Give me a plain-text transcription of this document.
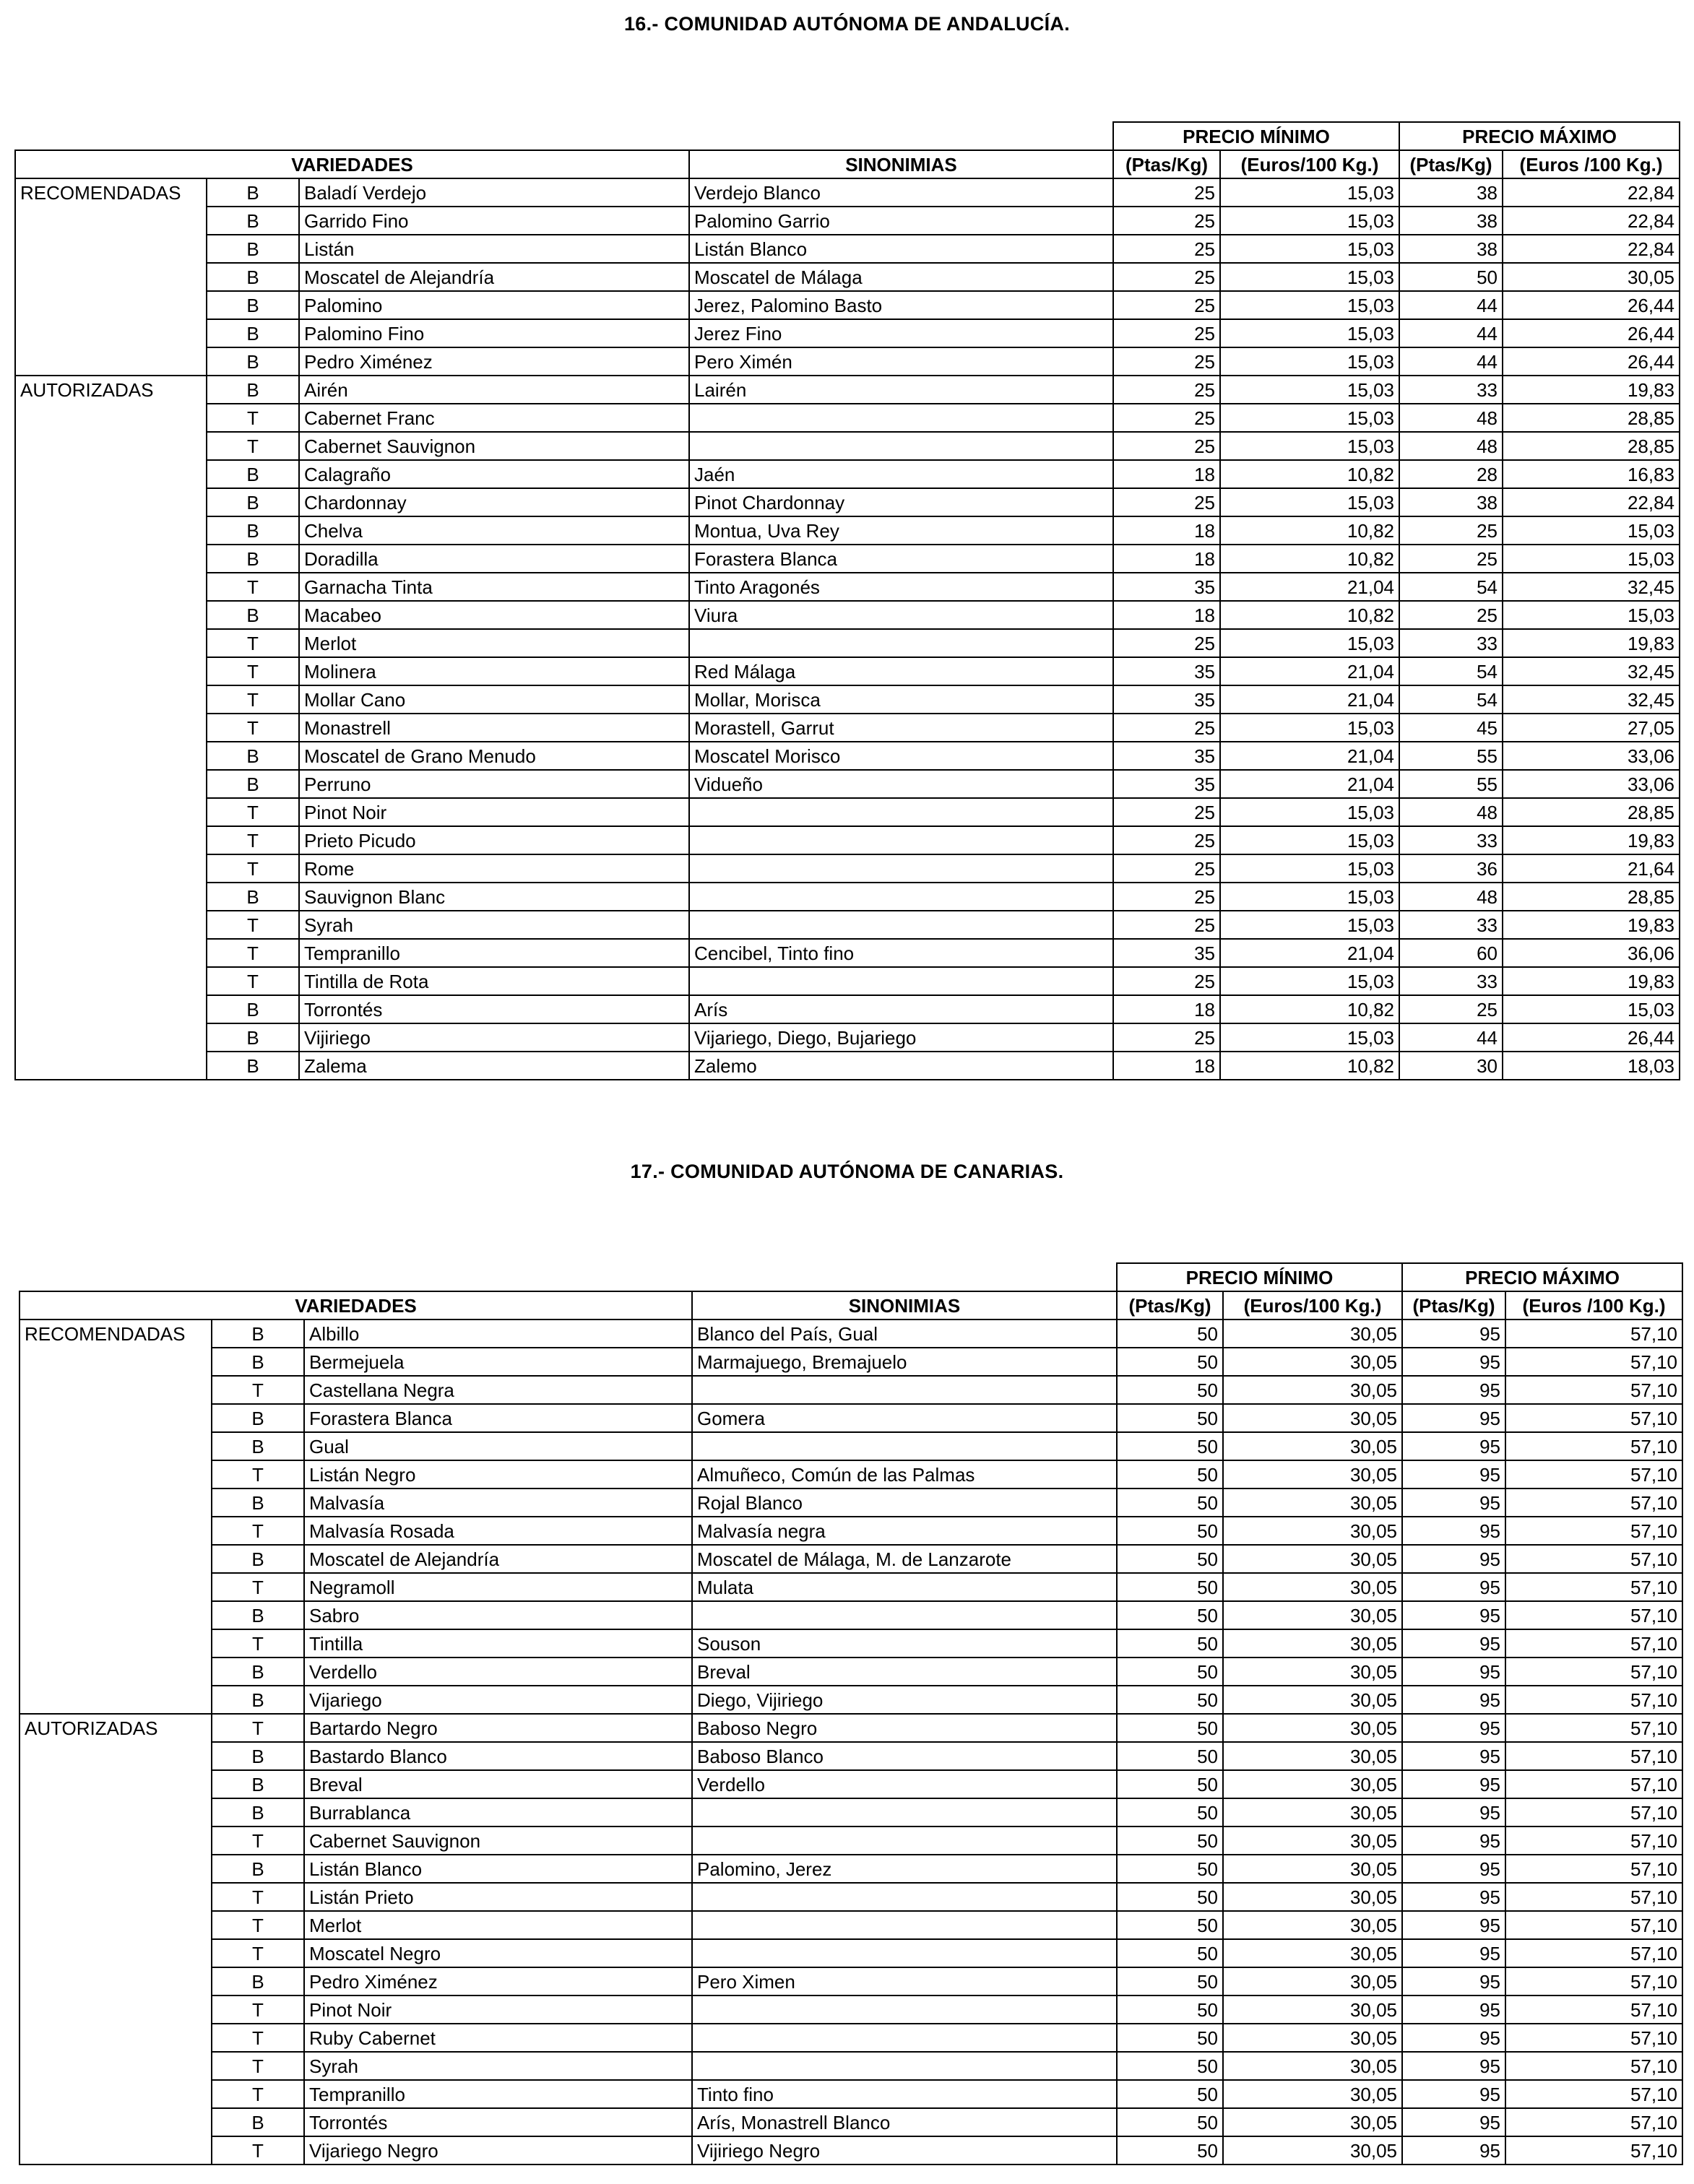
16.- COMUNIDAD AUTÓNOMA DE ANDALUCÍA.
				PRECIO MÍNIMO		PRECIO MÁXIMO	
VARIEDADES			SINONIMIAS	(Ptas/Kg)	(Euros/100 Kg.)	(Ptas/Kg)	(Euros /100 Kg.)
RECOMENDADAS	B	Baladí Verdejo	Verdejo Blanco	25	15,03	38	22,84
	B	Garrido Fino	Palomino Garrio	25	15,03	38	22,84
	B	Listán	Listán Blanco	25	15,03	38	22,84
	B	Moscatel de Alejandría	Moscatel de Málaga	25	15,03	50	30,05
	B	Palomino	Jerez, Palomino Basto	25	15,03	44	26,44
	B	Palomino Fino	Jerez Fino	25	15,03	44	26,44
	B	Pedro Ximénez	Pero Ximén	25	15,03	44	26,44
AUTORIZADAS	B	Airén	Lairén	25	15,03	33	19,83
	T	Cabernet Franc		25	15,03	48	28,85
	T	Cabernet Sauvignon		25	15,03	48	28,85
	B	Calagraño	Jaén	18	10,82	28	16,83
	B	Chardonnay	Pinot Chardonnay	25	15,03	38	22,84
	B	Chelva	Montua, Uva Rey	18	10,82	25	15,03
	B	Doradilla	Forastera Blanca	18	10,82	25	15,03
	T	Garnacha Tinta	Tinto Aragonés	35	21,04	54	32,45
	B	Macabeo	Viura	18	10,82	25	15,03
	T	Merlot		25	15,03	33	19,83
	T	Molinera	Red Málaga	35	21,04	54	32,45
	T	Mollar Cano	Mollar, Morisca	35	21,04	54	32,45
	T	Monastrell	Morastell, Garrut	25	15,03	45	27,05
	B	Moscatel de Grano Menudo	Moscatel Morisco	35	21,04	55	33,06
	B	Perruno	Vidueño	35	21,04	55	33,06
	T	Pinot Noir		25	15,03	48	28,85
	T	Prieto Picudo		25	15,03	33	19,83
	T	Rome		25	15,03	36	21,64
	B	Sauvignon Blanc		25	15,03	48	28,85
	T	Syrah		25	15,03	33	19,83
	T	Tempranillo	Cencibel, Tinto fino	35	21,04	60	36,06
	T	Tintilla de Rota		25	15,03	33	19,83
	B	Torrontés	Arís	18	10,82	25	15,03
	B	Vijiriego	Vijariego, Diego, Bujariego	25	15,03	44	26,44
	B	Zalema	Zalemo	18	10,82	30	18,03
17.- COMUNIDAD AUTÓNOMA DE CANARIAS.
				PRECIO MÍNIMO		PRECIO MÁXIMO	
VARIEDADES			SINONIMIAS	(Ptas/Kg)	(Euros/100 Kg.)	(Ptas/Kg)	(Euros /100 Kg.)
RECOMENDADAS	B	Albillo	Blanco del País, Gual	50	30,05	95	57,10
	B	Bermejuela	Marmajuego, Bremajuelo	50	30,05	95	57,10
	T	Castellana Negra		50	30,05	95	57,10
	B	Forastera Blanca	Gomera	50	30,05	95	57,10
	B	Gual		50	30,05	95	57,10
	T	Listán Negro	Almuñeco, Común de las Palmas	50	30,05	95	57,10
	B	Malvasía	Rojal Blanco	50	30,05	95	57,10
	T	Malvasía Rosada	Malvasía negra	50	30,05	95	57,10
	B	Moscatel de Alejandría	Moscatel de Málaga, M. de Lanzarote	50	30,05	95	57,10
	T	Negramoll	Mulata	50	30,05	95	57,10
	B	Sabro		50	30,05	95	57,10
	T	Tintilla	Souson	50	30,05	95	57,10
	B	Verdello	Breval	50	30,05	95	57,10
	B	Vijariego	Diego, Vijiriego	50	30,05	95	57,10
AUTORIZADAS	T	Bartardo Negro	Baboso Negro	50	30,05	95	57,10
	B	Bastardo Blanco	Baboso Blanco	50	30,05	95	57,10
	B	Breval	Verdello	50	30,05	95	57,10
	B	Burrablanca		50	30,05	95	57,10
	T	Cabernet Sauvignon		50	30,05	95	57,10
	B	Listán Blanco	Palomino, Jerez	50	30,05	95	57,10
	T	Listán Prieto		50	30,05	95	57,10
	T	Merlot		50	30,05	95	57,10
	T	Moscatel Negro		50	30,05	95	57,10
	B	Pedro Ximénez	Pero Ximen	50	30,05	95	57,10
	T	Pinot Noir		50	30,05	95	57,10
	T	Ruby Cabernet		50	30,05	95	57,10
	T	Syrah		50	30,05	95	57,10
	T	Tempranillo	Tinto fino	50	30,05	95	57,10
	B	Torrontés	Arís, Monastrell Blanco	50	30,05	95	57,10
	T	Vijariego Negro	Vijiriego Negro	50	30,05	95	57,10
